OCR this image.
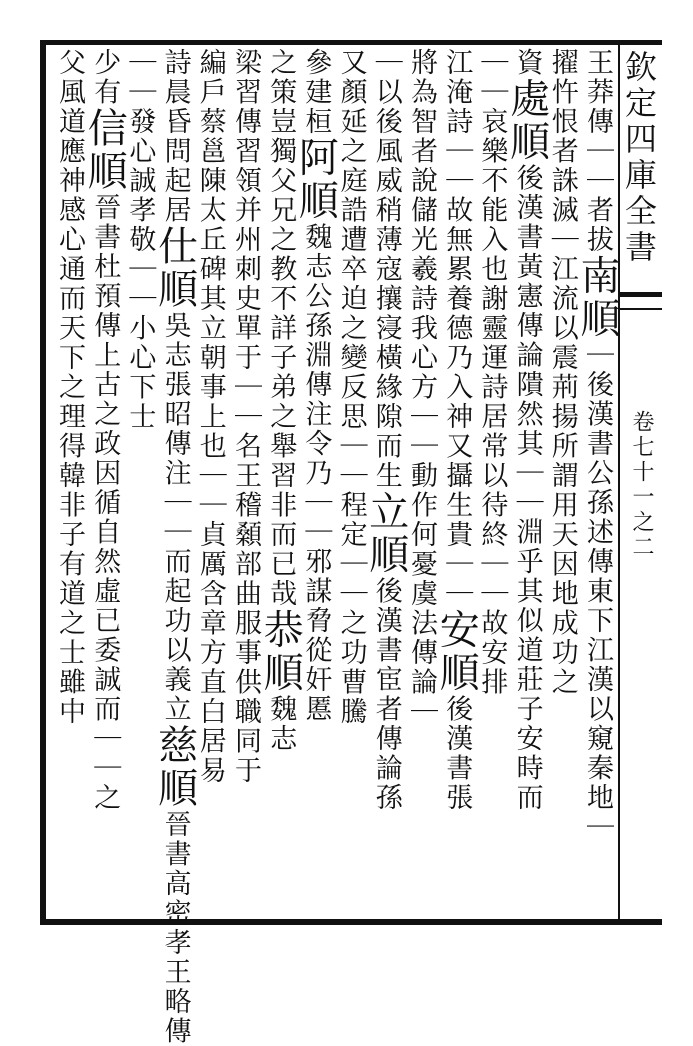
欽定四庫全書
卷七十一之二
王莽傳｜｜者拔南順｜後漢書公孫述傳東下江漢以窺秦地｜
擢忤恨者誅滅｜江流以震荊揚所謂用天因地成功之
資處順後漢書黃憲傳論隤然其｜｜淵乎其似道莊子安時而
｜｜哀樂不能入也謝靈運詩居常以待終｜｜故安排
江淹詩｜｜故無累養德乃入神又攝生貴｜｜安順後漢書張
將為智者說儲光羲詩我心方｜｜動作何憂虞法傳論｜
｜以後風威稍薄寇攘寖橫緣隙而生立順後漢書宦者傳論孫
又顏延之庭誥遭卒迫之變反思｜｜程定｜｜之功曹騰
參建桓阿順魏志公孫淵傳注令乃｜｜邪謀脅從奸慝
之策豈獨父兄之教不詳子弟之舉習非而已哉恭順魏志
梁習傳習領并州刺史單于｜｜名王稽顙部曲服事供職同于
編戶蔡邕陳太丘碑其立朝事上也｜｜貞厲含章方直白居易
詩晨昏問起居仕順吳志張昭傳注｜｜而起功以義立慈順晉書高密孝王略傳
｜｜發心誠孝敬｜｜小心下士
少有信順晉書杜預傳上古之政因循自然虛已委誠而｜｜之
父風道應神感心通而天下之理得韓非子有道之士雖中
